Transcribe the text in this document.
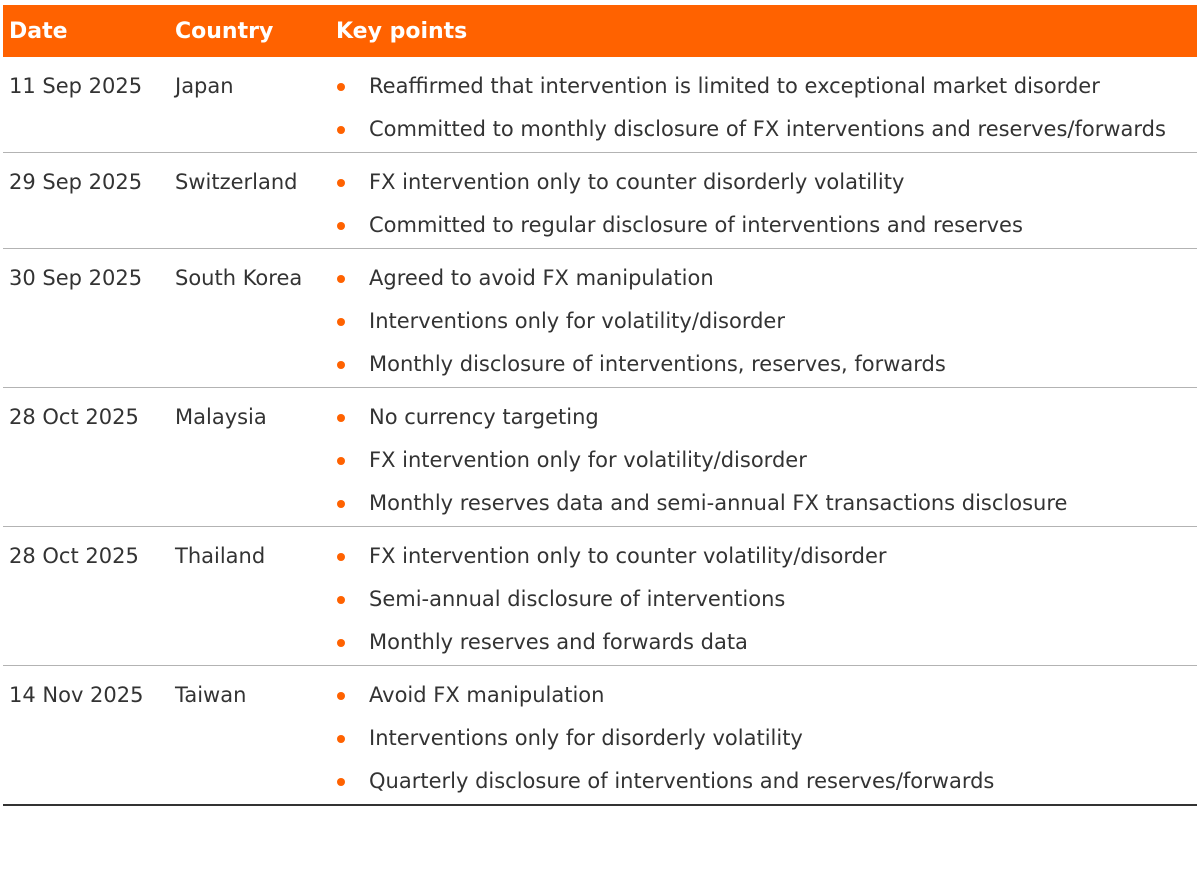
Date	Country	Key points
11 Sep 2025	Japan	Reaffirmed that intervention is limited to exceptional market disorder
Committed to monthly disclosure of FX interventions and reserves/forwards
29 Sep 2025	Switzerland	FX intervention only to counter disorderly volatility
Committed to regular disclosure of interventions and reserves
30 Sep 2025	South Korea	Agreed to avoid FX manipulation
Interventions only for volatility/disorder
Monthly disclosure of interventions, reserves, forwards
28 Oct 2025	Malaysia	No currency targeting
FX intervention only for volatility/disorder
Monthly reserves data and semi-annual FX transactions disclosure
28 Oct 2025	Thailand	FX intervention only to counter volatility/disorder
Semi-annual disclosure of interventions
Monthly reserves and forwards data
14 Nov 2025	Taiwan	Avoid FX manipulation
Interventions only for disorderly volatility
Quarterly disclosure of interventions and reserves/forwards
